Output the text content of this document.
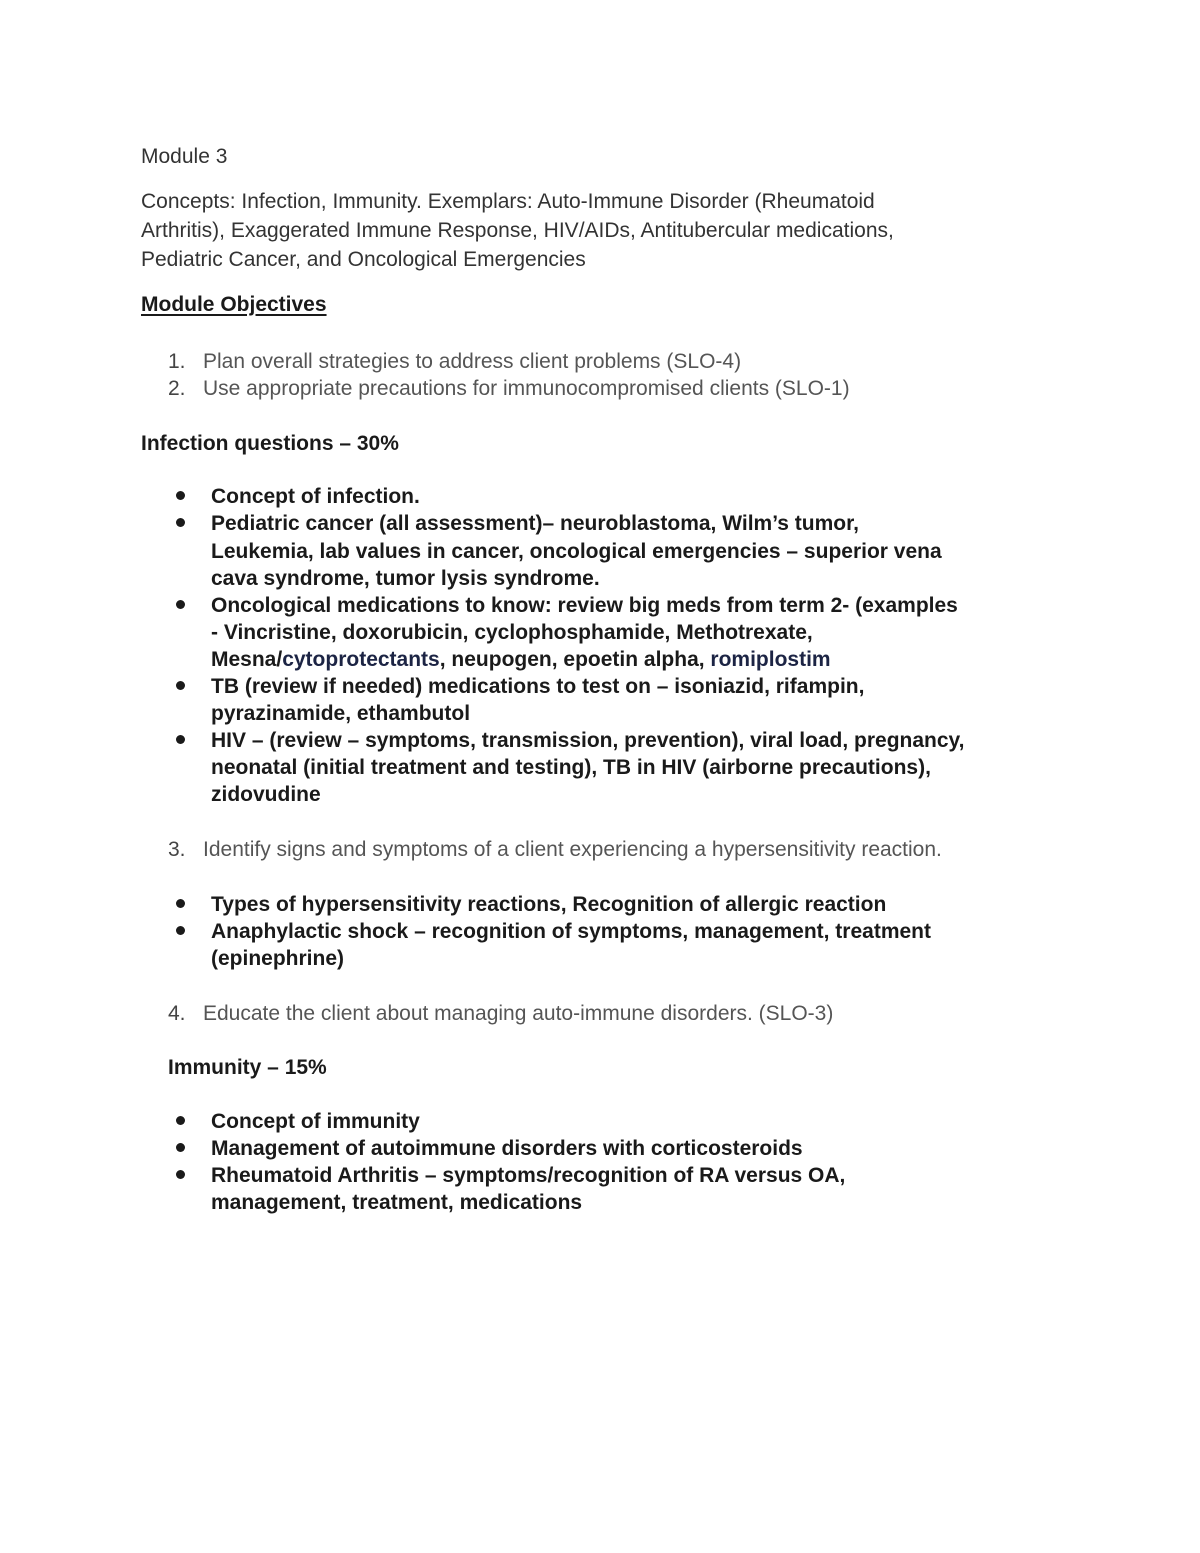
Module 3
Concepts: Infection, Immunity. Exemplars: Auto-Immune Disorder (Rheumatoid
Arthritis), Exaggerated Immune Response, HIV/AIDs, Antitubercular medications,
Pediatric Cancer, and Oncological Emergencies
Module Objectives
1. Plan overall strategies to address client problems (SLO-4)
2. Use appropriate precautions for immunocompromised clients (SLO-1)
Infection questions – 30%
Concept of infection.
Pediatric cancer (all assessment)– neuroblastoma, Wilm’s tumor,
Leukemia, lab values in cancer, oncological emergencies – superior vena
cava syndrome, tumor lysis syndrome.
Oncological medications to know: review big meds from term 2- (examples
- Vincristine, doxorubicin, cyclophosphamide, Methotrexate,
Mesna/cytoprotectants, neupogen, epoetin alpha, romiplostim
TB (review if needed) medications to test on – isoniazid, rifampin,
pyrazinamide, ethambutol
HIV – (review – symptoms, transmission, prevention), viral load, pregnancy,
neonatal (initial treatment and testing), TB in HIV (airborne precautions),
zidovudine
3. Identify signs and symptoms of a client experiencing a hypersensitivity reaction.
Types of hypersensitivity reactions, Recognition of allergic reaction
Anaphylactic shock – recognition of symptoms, management, treatment
(epinephrine)
4. Educate the client about managing auto-immune disorders. (SLO-3)
Immunity – 15%
Concept of immunity
Management of autoimmune disorders with corticosteroids
Rheumatoid Arthritis – symptoms/recognition of RA versus OA,
management, treatment, medications
